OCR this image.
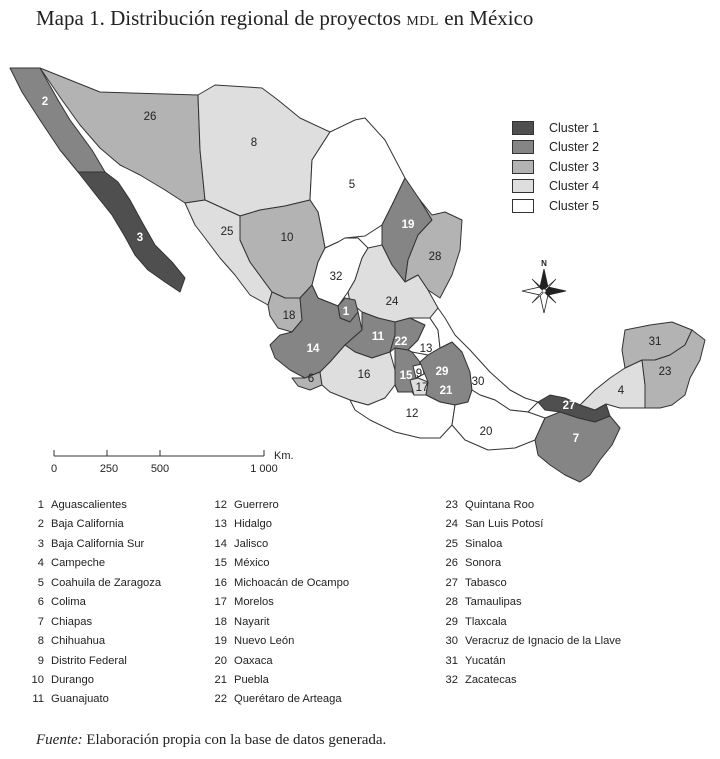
Mapa 1. Distribución regional de proyectos MDL en México
1
2
3
4
5
6
7
8
9
10
11
12
13
14
15
16
17
18
19
20
21
22
23
24
25
26
27
28
29
30
31
32
N
Cluster 1
Cluster 2
Cluster 3
Cluster 4
Cluster 5
0	250	500	1 000
Km.
1 Aguascalientes
2 Baja California
3 Baja California Sur
4 Campeche
5 Coahuila de Zaragoza
6 Colima
7 Chiapas
8 Chihuahua
9 Distrito Federal
10 Durango
11 Guanajuato
12 Guerrero
13 Hidalgo
14 Jalisco
15 México
16 Michoacán de Ocampo
17 Morelos
18 Nayarit
19 Nuevo León
20 Oaxaca
21 Puebla
22 Querétaro de Arteaga
23 Quintana Roo
24 San Luis Potosí
25 Sinaloa
26 Sonora
27 Tabasco
28 Tamaulipas
29 Tlaxcala
30 Veracruz de Ignacio de la Llave
31 Yucatán
32 Zacatecas
Fuente: Elaboración propia con la base de datos generada.
